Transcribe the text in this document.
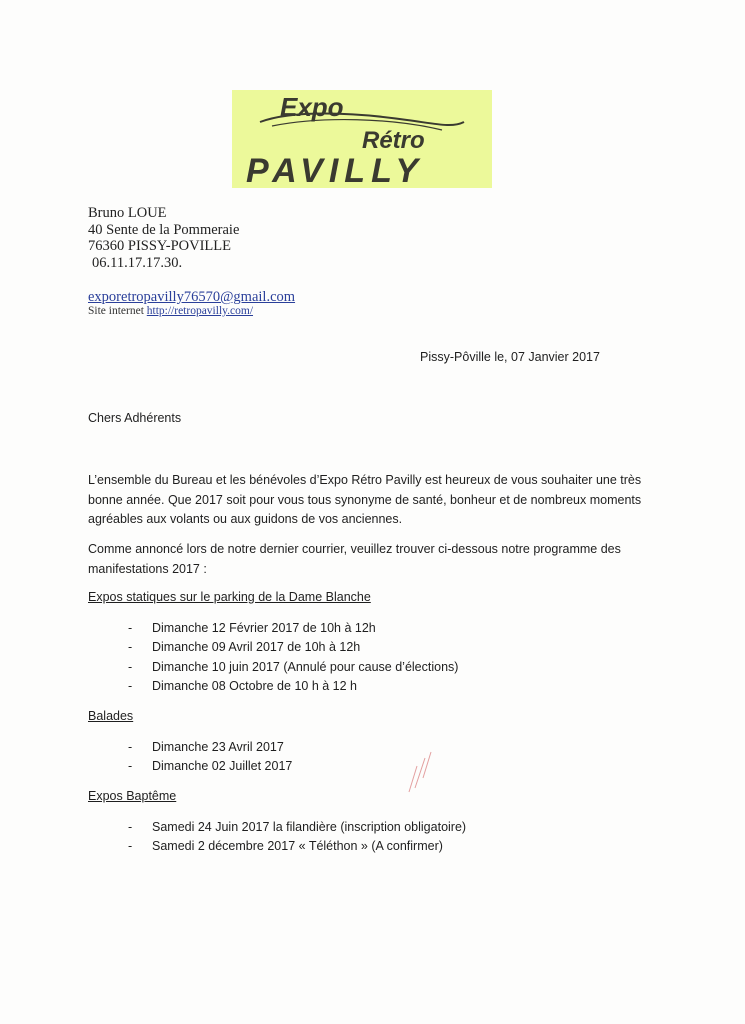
Expo
Rétro
PAVILLY
Bruno LOUE
40 Sente de la Pommeraie
76360 PISSY-POVILLE
06.11.17.17.30.
exporetropavilly76570@gmail.com
Site internet http://retropavilly.com/
Pissy-Pôville le, 07 Janvier 2017
Chers Adhérents
L’ensemble du Bureau et les bénévoles d’Expo Rétro Pavilly est heureux de vous souhaiter une très bonne année. Que 2017 soit pour vous tous synonyme de santé, bonheur et de nombreux moments agréables aux volants ou aux guidons de vos anciennes.
Comme annoncé lors de notre dernier courrier, veuillez trouver ci-dessous notre programme des manifestations 2017 :
Expos statiques sur le parking de la Dame Blanche
- Dimanche 12 Février 2017 de 10h à 12h
- Dimanche 09 Avril 2017 de 10h à 12h
- Dimanche 10 juin 2017 (Annulé pour cause d’élections)
- Dimanche 08 Octobre de 10 h à 12 h
Balades
- Dimanche 23 Avril 2017
- Dimanche 02 Juillet 2017
Expos Baptême
- Samedi 24 Juin 2017 la filandière (inscription obligatoire)
- Samedi 2 décembre 2017 « Téléthon » (A confirmer)
